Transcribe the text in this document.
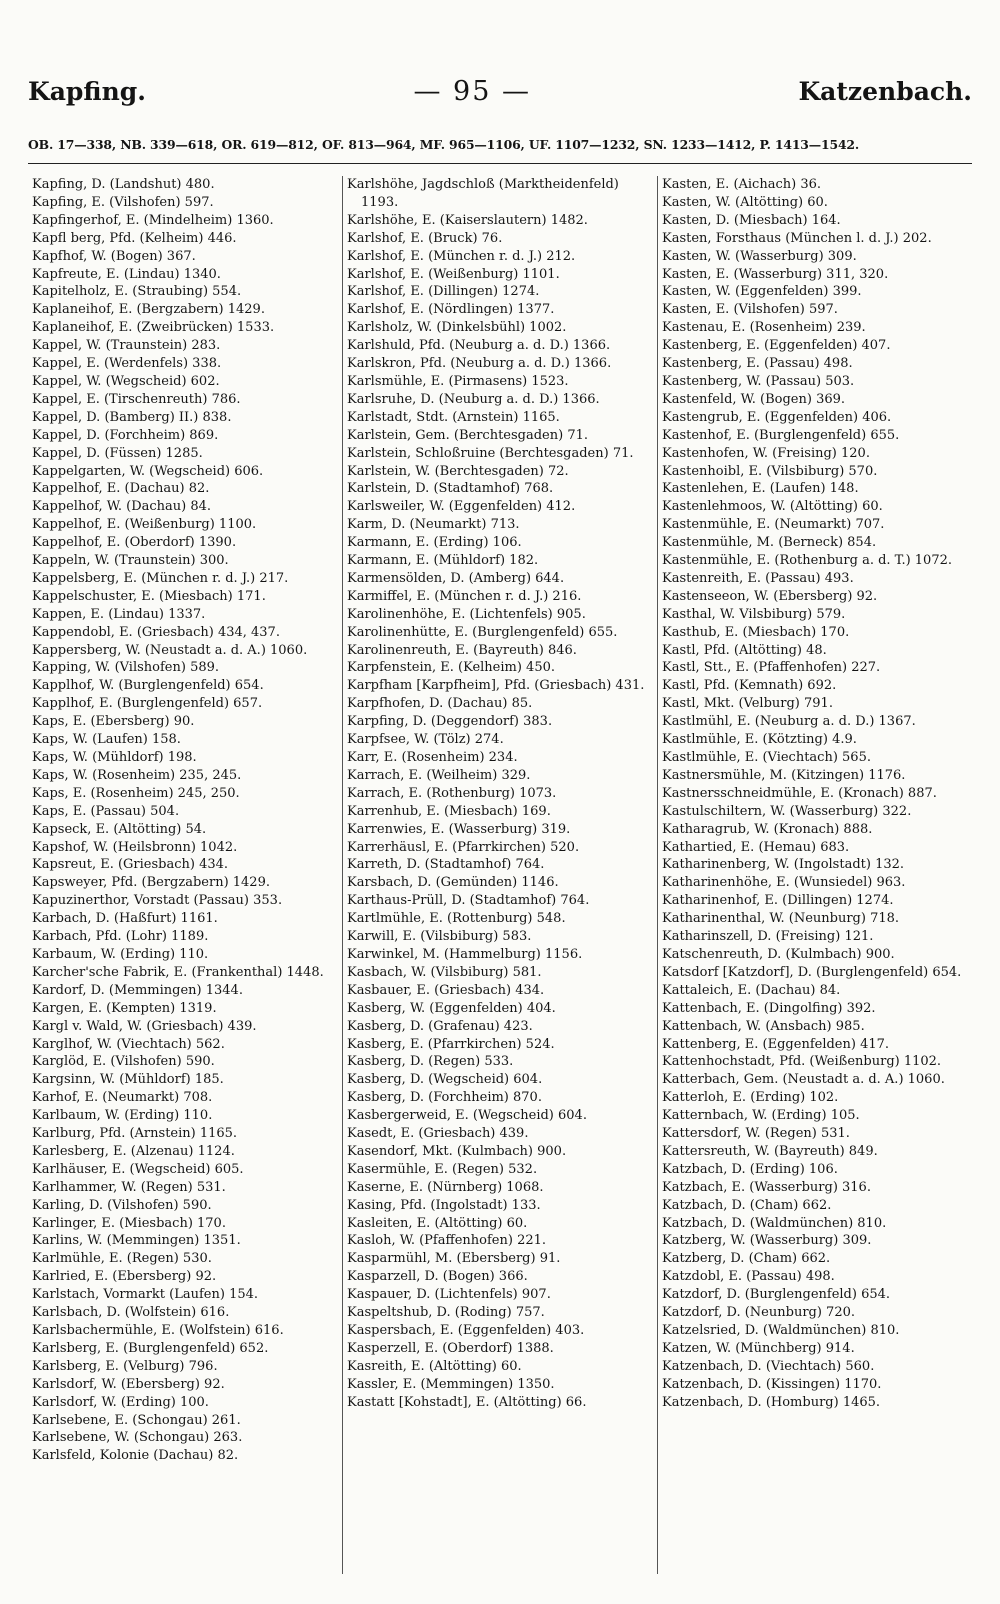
Kapfing.	— 95 —	Katzenbach.
OB. 17—338, NB. 339—618, OR. 619—812, OF. 813—964, MF. 965—1106, UF. 1107—1232, SN. 1233—1412, P. 1413—1542.
Kapfing, D. (Landshut) 480.
Kapfing, E. (Vilshofen) 597.
Kapfingerhof, E. (Mindelheim) 1360.
Kapfl berg, Pfd. (Kelheim) 446.
Kapfhof, W. (Bogen) 367.
Kapfreute, E. (Lindau) 1340.
Kapitelholz, E. (Straubing) 554.
Kaplaneihof, E. (Bergzabern) 1429.
Kaplaneihof, E. (Zweibrücken) 1533.
Kappel, W. (Traunstein) 283.
Kappel, E. (Werdenfels) 338.
Kappel, W. (Wegscheid) 602.
Kappel, E. (Tirschenreuth) 786.
Kappel, D. (Bamberg) II.) 838.
Kappel, D. (Forchheim) 869.
Kappel, D. (Füssen) 1285.
Kappelgarten, W. (Wegscheid) 606.
Kappelhof, E. (Dachau) 82.
Kappelhof, W. (Dachau) 84.
Kappelhof, E. (Weißenburg) 1100.
Kappelhof, E. (Oberdorf) 1390.
Kappeln, W. (Traunstein) 300.
Kappelsberg, E. (München r. d. J.) 217.
Kappelschuster, E. (Miesbach) 171.
Kappen, E. (Lindau) 1337.
Kappendobl, E. (Griesbach) 434, 437.
Kappersberg, W. (Neustadt a. d. A.) 1060.
Kapping, W. (Vilshofen) 589.
Kapplhof, W. (Burglengenfeld) 654.
Kapplhof, E. (Burglengenfeld) 657.
Kaps, E. (Ebersberg) 90.
Kaps, W. (Laufen) 158.
Kaps, W. (Mühldorf) 198.
Kaps, W. (Rosenheim) 235, 245.
Kaps, E. (Rosenheim) 245, 250.
Kaps, E. (Passau) 504.
Kapseck, E. (Altötting) 54.
Kapshof, W. (Heilsbronn) 1042.
Kapsreut, E. (Griesbach) 434.
Kapsweyer, Pfd. (Bergzabern) 1429.
Kapuzinerthor, Vorstadt (Passau) 353.
Karbach, D. (Haßfurt) 1161.
Karbach, Pfd. (Lohr) 1189.
Karbaum, W. (Erding) 110.
Karcher'sche Fabrik, E. (Frankenthal) 1448.
Kardorf, D. (Memmingen) 1344.
Kargen, E. (Kempten) 1319.
Kargl v. Wald, W. (Griesbach) 439.
Karglhof, W. (Viechtach) 562.
Karglöd, E. (Vilshofen) 590.
Kargsinn, W. (Mühldorf) 185.
Karhof, E. (Neumarkt) 708.
Karlbaum, W. (Erding) 110.
Karlburg, Pfd. (Arnstein) 1165.
Karlesberg, E. (Alzenau) 1124.
Karlhäuser, E. (Wegscheid) 605.
Karlhammer, W. (Regen) 531.
Karling, D. (Vilshofen) 590.
Karlinger, E. (Miesbach) 170.
Karlins, W. (Memmingen) 1351.
Karlmühle, E. (Regen) 530.
Karlried, E. (Ebersberg) 92.
Karlstach, Vormarkt (Laufen) 154.
Karlsbach, D. (Wolfstein) 616.
Karlsbachermühle, E. (Wolfstein) 616.
Karlsberg, E. (Burglengenfeld) 652.
Karlsberg, E. (Velburg) 796.
Karlsdorf, W. (Ebersberg) 92.
Karlsdorf, W. (Erding) 100.
Karlsebene, E. (Schongau) 261.
Karlsebene, W. (Schongau) 263.
Karlsfeld, Kolonie (Dachau) 82.
Karlshöhe, Jagdschloß (Marktheidenfeld) 1193.
Karlshöhe, E. (Kaiserslautern) 1482.
Karlshof, E. (Bruck) 76.
Karlshof, E. (München r. d. J.) 212.
Karlshof, E. (Weißenburg) 1101.
Karlshof, E. (Dillingen) 1274.
Karlshof, E. (Nördlingen) 1377.
Karlsholz, W. (Dinkelsbühl) 1002.
Karlshuld, Pfd. (Neuburg a. d. D.) 1366.
Karlskron, Pfd. (Neuburg a. d. D.) 1366.
Karlsmühle, E. (Pirmasens) 1523.
Karlsruhe, D. (Neuburg a. d. D.) 1366.
Karlstadt, Stdt. (Arnstein) 1165.
Karlstein, Gem. (Berchtesgaden) 71.
Karlstein, Schloßruine (Berchtesgaden) 71.
Karlstein, W. (Berchtesgaden) 72.
Karlstein, D. (Stadtamhof) 768.
Karlsweiler, W. (Eggenfelden) 412.
Karm, D. (Neumarkt) 713.
Karmann, E. (Erding) 106.
Karmann, E. (Mühldorf) 182.
Karmensölden, D. (Amberg) 644.
Karmiffel, E. (München r. d. J.) 216.
Karolinenhöhe, E. (Lichtenfels) 905.
Karolinenhütte, E. (Burglengenfeld) 655.
Karolinenreuth, E. (Bayreuth) 846.
Karpfenstein, E. (Kelheim) 450.
Karpfham [Karpfheim], Pfd. (Griesbach) 431.
Karpfhofen, D. (Dachau) 85.
Karpfing, D. (Deggendorf) 383.
Karpfsee, W. (Tölz) 274.
Karr, E. (Rosenheim) 234.
Karrach, E. (Weilheim) 329.
Karrach, E. (Rothenburg) 1073.
Karrenhub, E. (Miesbach) 169.
Karrenwies, E. (Wasserburg) 319.
Karrerhäusl, E. (Pfarrkirchen) 520.
Karreth, D. (Stadtamhof) 764.
Karsbach, D. (Gemünden) 1146.
Karthaus-Prüll, D. (Stadtamhof) 764.
Kartlmühle, E. (Rottenburg) 548.
Karwill, E. (Vilsbiburg) 583.
Karwinkel, M. (Hammelburg) 1156.
Kasbach, W. (Vilsbiburg) 581.
Kasbauer, E. (Griesbach) 434.
Kasberg, W. (Eggenfelden) 404.
Kasberg, D. (Grafenau) 423.
Kasberg, E. (Pfarrkirchen) 524.
Kasberg, D. (Regen) 533.
Kasberg, D. (Wegscheid) 604.
Kasberg, D. (Forchheim) 870.
Kasbergerweid, E. (Wegscheid) 604.
Kasedt, E. (Griesbach) 439.
Kasendorf, Mkt. (Kulmbach) 900.
Kasermühle, E. (Regen) 532.
Kaserne, E. (Nürnberg) 1068.
Kasing, Pfd. (Ingolstadt) 133.
Kasleiten, E. (Altötting) 60.
Kasloh, W. (Pfaffenhofen) 221.
Kasparmühl, M. (Ebersberg) 91.
Kasparzell, D. (Bogen) 366.
Kaspauer, D. (Lichtenfels) 907.
Kaspeltshub, D. (Roding) 757.
Kaspersbach, E. (Eggenfelden) 403.
Kasperzell, E. (Oberdorf) 1388.
Kasreith, E. (Altötting) 60.
Kassler, E. (Memmingen) 1350.
Kastatt [Kohstadt], E. (Altötting) 66.
Kasten, E. (Aichach) 36.
Kasten, W. (Altötting) 60.
Kasten, D. (Miesbach) 164.
Kasten, Forsthaus (München l. d. J.) 202.
Kasten, W. (Wasserburg) 309.
Kasten, E. (Wasserburg) 311, 320.
Kasten, W. (Eggenfelden) 399.
Kasten, E. (Vilshofen) 597.
Kastenau, E. (Rosenheim) 239.
Kastenberg, E. (Eggenfelden) 407.
Kastenberg, E. (Passau) 498.
Kastenberg, W. (Passau) 503.
Kastenfeld, W. (Bogen) 369.
Kastengrub, E. (Eggenfelden) 406.
Kastenhof, E. (Burglengenfeld) 655.
Kastenhofen, W. (Freising) 120.
Kastenhoibl, E. (Vilsbiburg) 570.
Kastenlehen, E. (Laufen) 148.
Kastenlehmoos, W. (Altötting) 60.
Kastenmühle, E. (Neumarkt) 707.
Kastenmühle, M. (Berneck) 854.
Kastenmühle, E. (Rothenburg a. d. T.) 1072.
Kastenreith, E. (Passau) 493.
Kastenseeon, W. (Ebersberg) 92.
Kasthal, W. Vilsbiburg) 579.
Kasthub, E. (Miesbach) 170.
Kastl, Pfd. (Altötting) 48.
Kastl, Stt., E. (Pfaffenhofen) 227.
Kastl, Pfd. (Kemnath) 692.
Kastl, Mkt. (Velburg) 791.
Kastlmühl, E. (Neuburg a. d. D.) 1367.
Kastlmühle, E. (Kötzting) 4.9.
Kastlmühle, E. (Viechtach) 565.
Kastnersmühle, M. (Kitzingen) 1176.
Kastnersschneidmühle, E. (Kronach) 887.
Kastulschiltern, W. (Wasserburg) 322.
Katharagrub, W. (Kronach) 888.
Kathartied, E. (Hemau) 683.
Katharinenberg, W. (Ingolstadt) 132.
Katharinenhöhe, E. (Wunsiedel) 963.
Katharinenhof, E. (Dillingen) 1274.
Katharinenthal, W. (Neunburg) 718.
Katharinszell, D. (Freising) 121.
Katschenreuth, D. (Kulmbach) 900.
Katsdorf [Katzdorf], D. (Burglengenfeld) 654.
Kattaleich, E. (Dachau) 84.
Kattenbach, E. (Dingolfing) 392.
Kattenbach, W. (Ansbach) 985.
Kattenberg, E. (Eggenfelden) 417.
Kattenhochstadt, Pfd. (Weißenburg) 1102.
Katterbach, Gem. (Neustadt a. d. A.) 1060.
Katterloh, E. (Erding) 102.
Katternbach, W. (Erding) 105.
Kattersdorf, W. (Regen) 531.
Kattersreuth, W. (Bayreuth) 849.
Katzbach, D. (Erding) 106.
Katzbach, E. (Wasserburg) 316.
Katzbach, D. (Cham) 662.
Katzbach, D. (Waldmünchen) 810.
Katzberg, W. (Wasserburg) 309.
Katzberg, D. (Cham) 662.
Katzdobl, E. (Passau) 498.
Katzdorf, D. (Burglengenfeld) 654.
Katzdorf, D. (Neunburg) 720.
Katzelsried, D. (Waldmünchen) 810.
Katzen, W. (Münchberg) 914.
Katzenbach, D. (Viechtach) 560.
Katzenbach, D. (Kissingen) 1170.
Katzenbach, D. (Homburg) 1465.
